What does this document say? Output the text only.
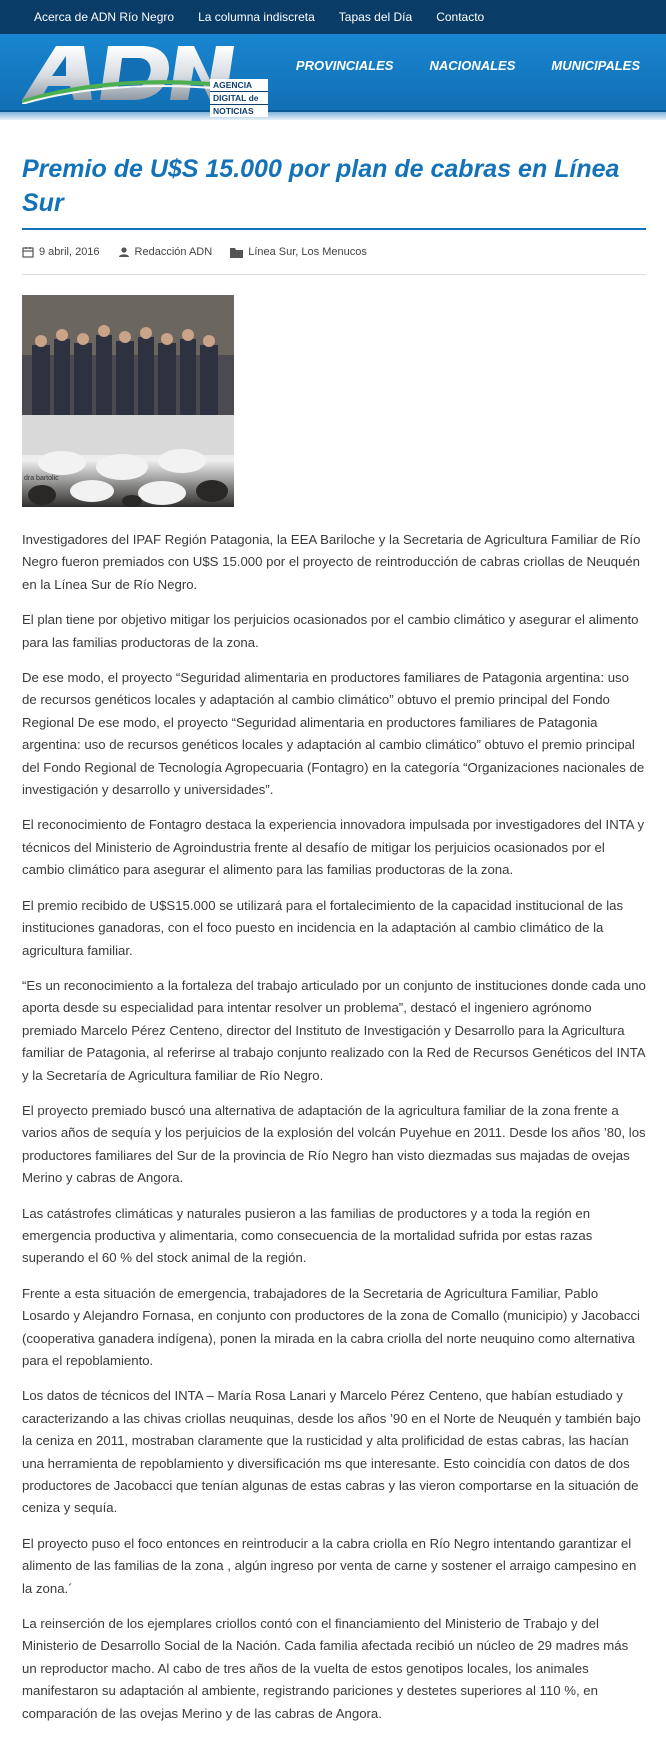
Acerca de ADN Río Negro La columna indiscreta Tapas del Día Contacto
AGENCIA
DIGITAL de
NOTICIAS
PROVINCIALES	NACIONALES	MUNICIPALES
Premio de U$S 15.000 por plan de cabras en Línea Sur
9 abril, 2016	Redacción ADN	Línea Sur, Los Menucos
dra bartolic

Investigadores del IPAF Región Patagonia, la EEA Bariloche y la Secretaria de Agricultura Familiar de Río Negro fueron premiados con U$S 15.000 por el proyecto de reintroducción de cabras criollas de Neuquén en la Línea Sur de Río Negro.

El plan tiene por objetivo mitigar los perjuicios ocasionados por el cambio climático y asegurar el alimento para las familias productoras de la zona.

De ese modo, el proyecto “Seguridad alimentaria en productores familiares de Patagonia argentina: uso de recursos genéticos locales y adaptación al cambio climático” obtuvo el premio principal del Fondo Regional De ese modo, el proyecto “Seguridad alimentaria en productores familiares de Patagonia argentina: uso de recursos genéticos locales y adaptación al cambio climático” obtuvo el premio principal del Fondo Regional de Tecnología Agropecuaria (Fontagro) en la categoría “Organizaciones nacionales de investigación y desarrollo y universidades”.

El reconocimiento de Fontagro destaca la experiencia innovadora impulsada por investigadores del INTA y técnicos del Ministerio de Agroindustria frente al desafío de mitigar los perjuicios ocasionados por el cambio climático para asegurar el alimento para las familias productoras de la zona.

El premio recibido de U$S15.000 se utilizará para el fortalecimiento de la capacidad institucional de las instituciones ganadoras, con el foco puesto en incidencia en la adaptación al cambio climático de la agricultura familiar.

“Es un reconocimiento a la fortaleza del trabajo articulado por un conjunto de instituciones donde cada uno aporta desde su especialidad para intentar resolver un problema”, destacó el ingeniero agrónomo premiado Marcelo Pérez Centeno, director del Instituto de Investigación y Desarrollo para la Agricultura familiar de Patagonia, al referirse al trabajo conjunto realizado con la Red de Recursos Genéticos del INTA y la Secretaría de Agricultura familiar de Río Negro.

El proyecto premiado buscó una alternativa de adaptación de la agricultura familiar de la zona frente a varios años de sequía y los perjuicios de la explosión del volcán Puyehue en 2011. Desde los años ’80, los productores familiares del Sur de la provincia de Río Negro han visto diezmadas sus majadas de ovejas Merino y cabras de Angora.

Las catástrofes climáticas y naturales pusieron a las familias de productores y a toda la región en emergencia productiva y alimentaria, como consecuencia de la mortalidad sufrida por estas razas superando el 60 % del stock animal de la región.

Frente a esta situación de emergencia, trabajadores de la Secretaria de Agricultura Familiar, Pablo Losardo y Alejandro Fornasa, en conjunto con productores de la zona de Comallo (municipio) y Jacobacci (cooperativa ganadera indígena), ponen la mirada en la cabra criolla del norte neuquino como alternativa para el repoblamiento.

Los datos de técnicos del INTA – María Rosa Lanari y Marcelo Pérez Centeno, que habían estudiado y caracterizando a las chivas criollas neuquinas, desde los años ’90 en el Norte de Neuquén y también bajo la ceniza en 2011, mostraban claramente que la rusticidad y alta prolificidad de estas cabras, las hacían una herramienta de repoblamiento y diversificación ms que interesante. Esto coincidía con datos de dos productores de Jacobacci que tenían algunas de estas cabras y las vieron comportarse en la situación de ceniza y sequía.

El proyecto puso el foco entonces en reintroducir a la cabra criolla en Río Negro intentando garantizar el alimento de las familias de la zona , algún ingreso por venta de carne y sostener el arraigo campesino en la zona.´

La reinserción de los ejemplares criollos contó con el financiamiento del Ministerio de Trabajo y del Ministerio de Desarrollo Social de la Nación. Cada familia afectada recibió un núcleo de 29 madres más un reproductor macho. Al cabo de tres años de la vuelta de estos genotipos locales, los animales manifestaron su adaptación al ambiente, registrando pariciones y destetes superiores al 110 %, en comparación de las ovejas Merino y de las cabras de Angora.
